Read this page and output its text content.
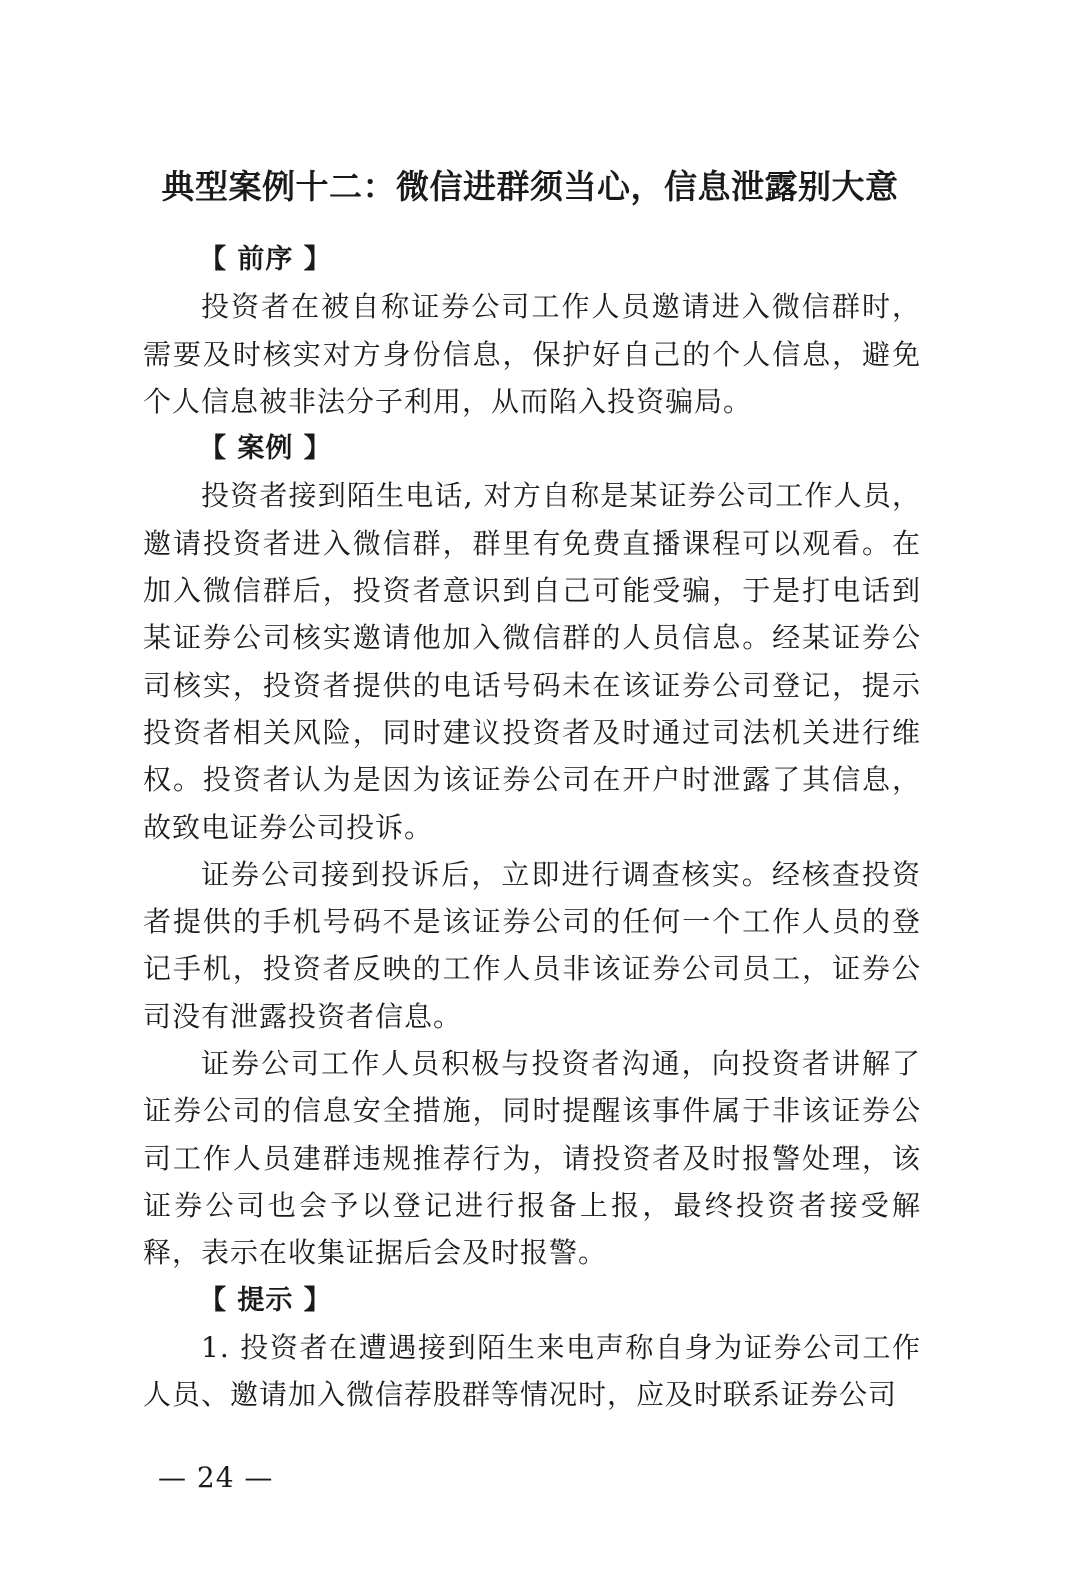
典型案例十二：微信进群须当心，信息泄露别大意

【 前序 】

投资者在被自称证券公司工作人员邀请进入微信群时，需要及时核实对方身份信息，保护好自己的个人信息，避免个人信息被非法分子利用，从而陷入投资骗局。

【 案例 】

投资者接到陌生电话, 对方自称是某证券公司工作人员，邀请投资者进入微信群，群里有免费直播课程可以观看。在加入微信群后，投资者意识到自己可能受骗，于是打电话到某证券公司核实邀请他加入微信群的人员信息。经某证券公司核实，投资者提供的电话号码未在该证券公司登记，提示投资者相关风险，同时建议投资者及时通过司法机关进行维权。投资者认为是因为该证券公司在开户时泄露了其信息，故致电证券公司投诉。

证券公司接到投诉后，立即进行调查核实。经核查投资者提供的手机号码不是该证券公司的任何一个工作人员的登记手机，投资者反映的工作人员非该证券公司员工，证券公司没有泄露投资者信息。

证券公司工作人员积极与投资者沟通，向投资者讲解了证券公司的信息安全措施，同时提醒该事件属于非该证券公司工作人员建群违规推荐行为，请投资者及时报警处理，该证券公司也会予以登记进行报备上报，最终投资者接受解释，表示在收集证据后会及时报警。

【 提示 】

1. 投资者在遭遇接到陌生来电声称自身为证券公司工作人员、邀请加入微信荐股群等情况时，应及时联系证券公司

— 24 —
